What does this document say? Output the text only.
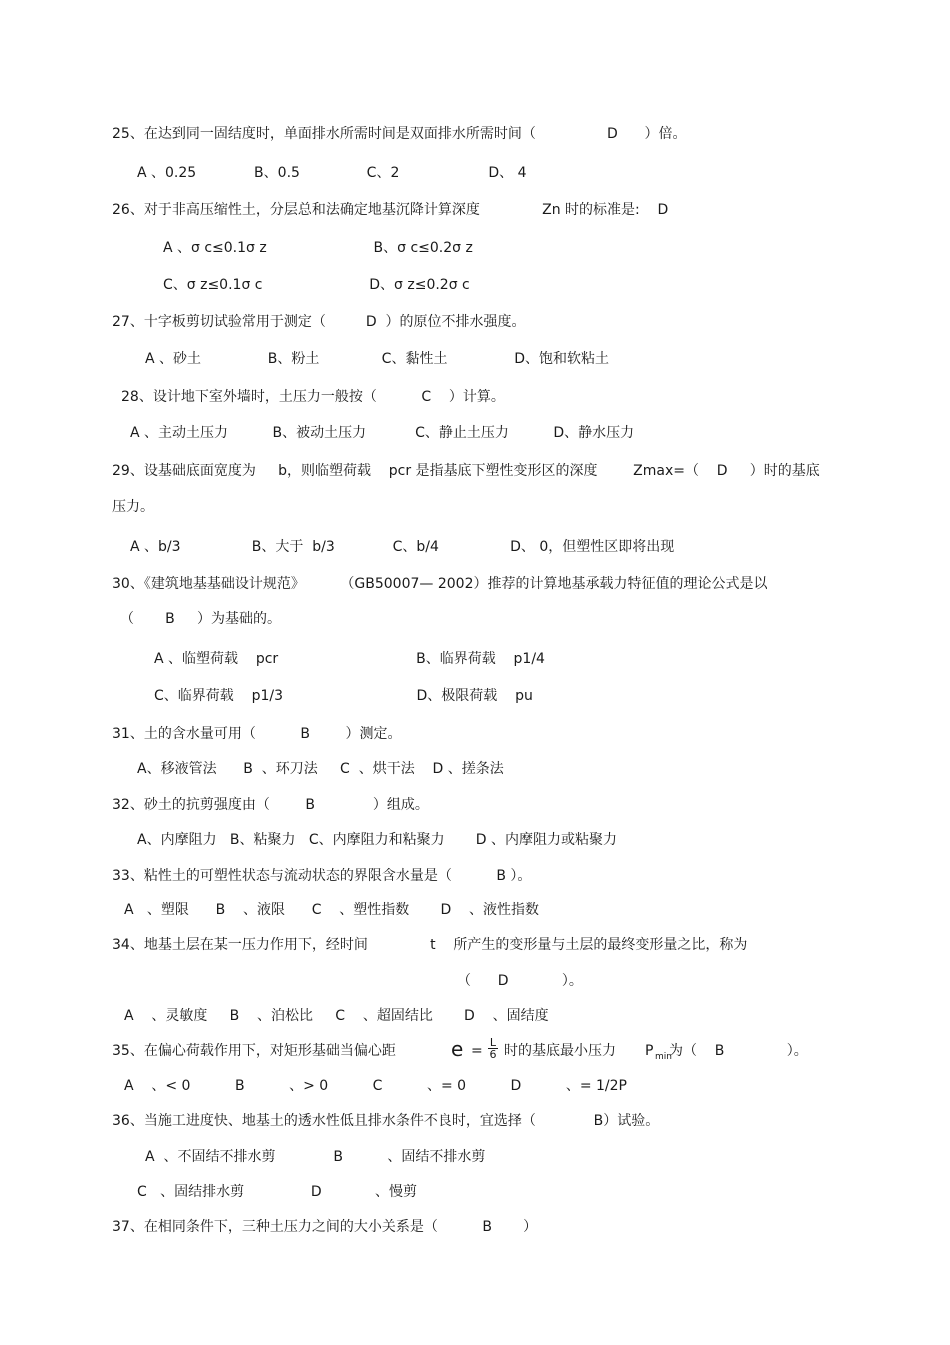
25、在达到同一固结度时，单面排水所需时间是双面排水所需时间（                D      ）倍。
A 、0.25             B、0.5               C、2                    D、 4
26、对于非高压缩性土，分层总和法确定地基沉降计算深度              Zn 时的标准是:    D
A 、σ c≤0.1σ z                        B、σ c≤0.2σ z
C、σ z≤0.1σ c                        D、σ z≤0.2σ c
27、十字板剪切试验常用于测定（         D  ）的原位不排水强度。
A 、砂土               B、粉土              C、黏性土               D、饱和软粘土
28、设计地下室外墙时，土压力一般按（          C    ）计算。
A 、主动土压力          B、被动土压力           C、静止土压力          D、静水压力
29、设基础底面宽度为     b，则临塑荷载    pcr 是指基底下塑性变形区的深度        Zmax=（    D     ）时的基底
压力。
A 、b/3                B、大于  b/3             C、b/4                D、 0，但塑性区即将出现
30、《建筑地基基础设计规范》        （GB50007— 2002）推荐的计算地基承载力特征值的理论公式是以
（       B     ）为基础的。
A 、临塑荷载    pcr                               B、临界荷载    p1/4
C、临界荷载    p1/3                              D、极限荷载    pu
31、土的含水量可用（          B        ）测定。
A、移液管法      B  、环刀法     C  、烘干法    D 、搓条法
32、砂土的抗剪强度由（        B             ）组成。
A、内摩阻力   B、粘聚力   C、内摩阻力和粘聚力       D 、内摩阻力或粘聚力
33、粘性土的可塑性状态与流动状态的界限含水量是（          B ）。
A   、塑限      B    、液限      C    、塑性指数       D    、液性指数
34、地基土层在某一压力作用下，经时间              t    所产生的变形量与土层的最终变形量之比，称为
（      D            ）。
A    、灵敏度     B    、泊松比     C    、超固结比       D    、固结度
35、在偏心荷载作用下，对矩形基础当偏心距	$e = \frac{L}{6}$ 时的基底最小压力 P min
为（    B              ）。
A    、< 0          B          、> 0          C          、= 0          D          、= 1/2P
36、当施工进度快、地基土的透水性低且排水条件不良时，宜选择（             B）试验。
A  、不固结不排水剪             B          、固结不排水剪
C   、固结排水剪               D            、慢剪
37、在相同条件下，三种土压力之间的大小关系是（          B       ）
